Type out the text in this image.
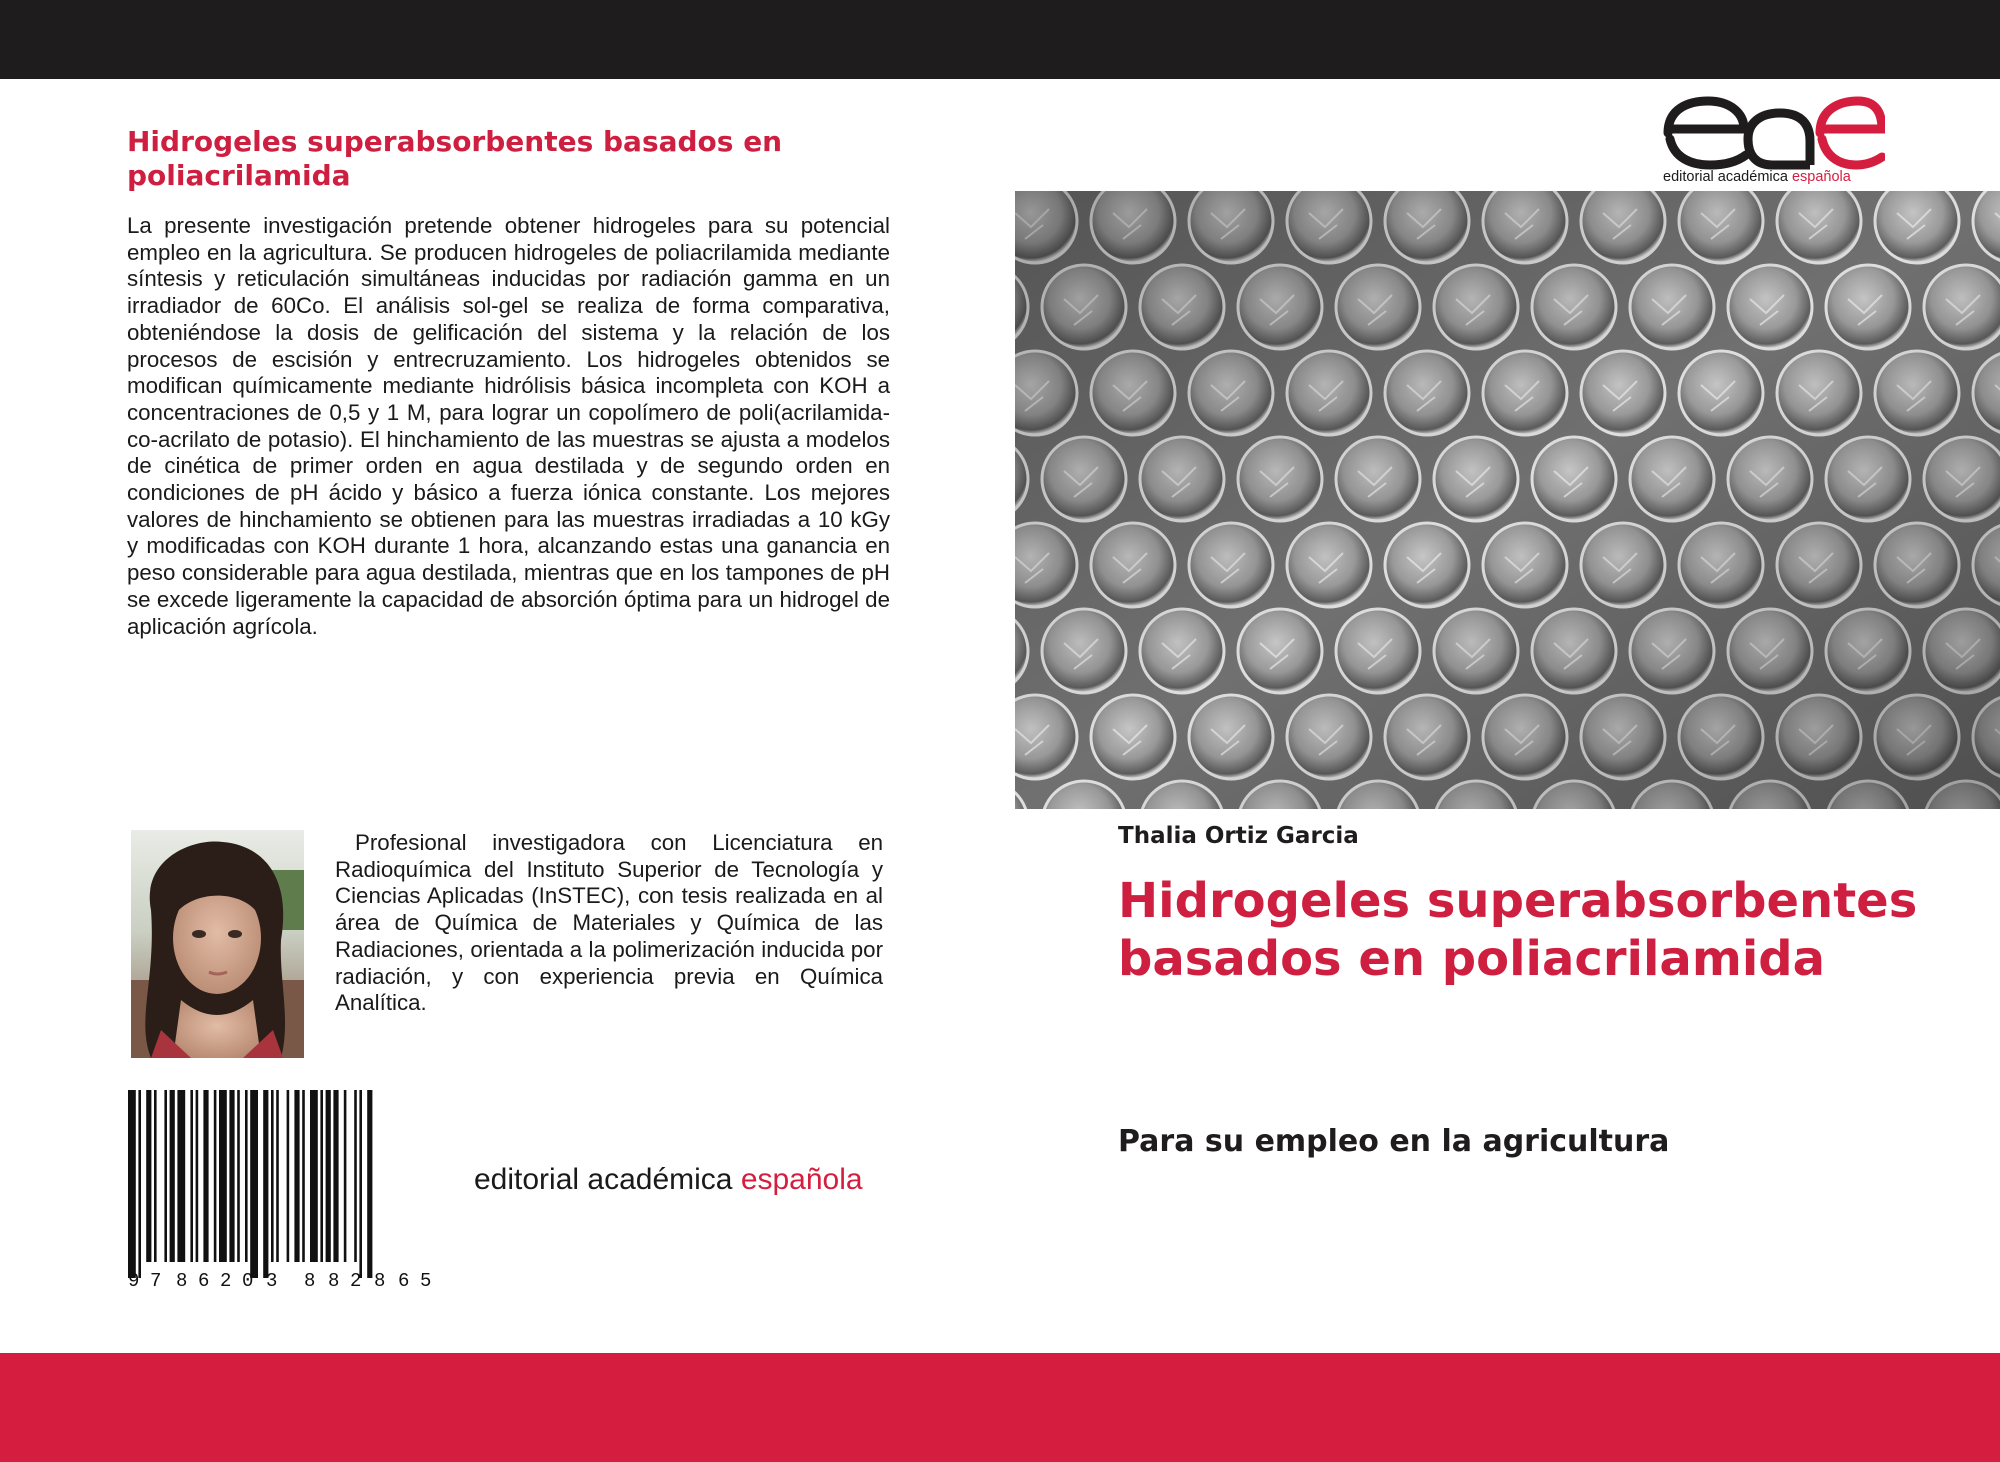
Hidrogeles superabsorbentes basados en poliacrilamida

La presente investigación pretende obtener hidrogeles para su potencial empleo en la agricultura. Se producen hidrogeles de poliacrilamida mediante síntesis y reticulación simultáneas inducidas por radiación gamma en un irradiador de 60Co. El análisis sol-gel se realiza de forma comparativa, obteniéndose la dosis de gelificación del sistema y la relación de los procesos de escisión y entrecruzamiento. Los hidrogeles obtenidos se modifican químicamente mediante hidrólisis básica incompleta con KOH a concentraciones de 0,5 y 1 M, para lograr un copolímero de poli(acrilamida-co-acrilato de potasio). El hinchamiento de las muestras se ajusta a modelos de cinética de primer orden en agua destilada y de segundo orden en condiciones de pH ácido y básico a fuerza iónica constante. Los mejores valores de hinchamiento se obtienen para las muestras irradiadas a 10 kGy y modificadas con KOH durante 1 hora, alcanzando estas una ganancia en peso considerable para agua destilada, mientras que en los tampones de pH se excede ligeramente la capacidad de absorción óptima para un hidrogel de aplicación agrícola.

Profesional investigadora con Licenciatura en Radioquímica del Instituto Superior de Tecnología y Ciencias Aplicadas (InSTEC), con tesis realizada en al área de Química de Materiales y Química de las Radiaciones, orientada a la polimerización inducida por radiación, y con experiencia previa en Química Analítica.

9 7 8 6 2 0 3 8 8 2 8 6 5
editorial académica española
editorial académica española
Thalia Ortiz Garcia
Hidrogeles superabsorbentes basados en poliacrilamida
Para su empleo en la agricultura
